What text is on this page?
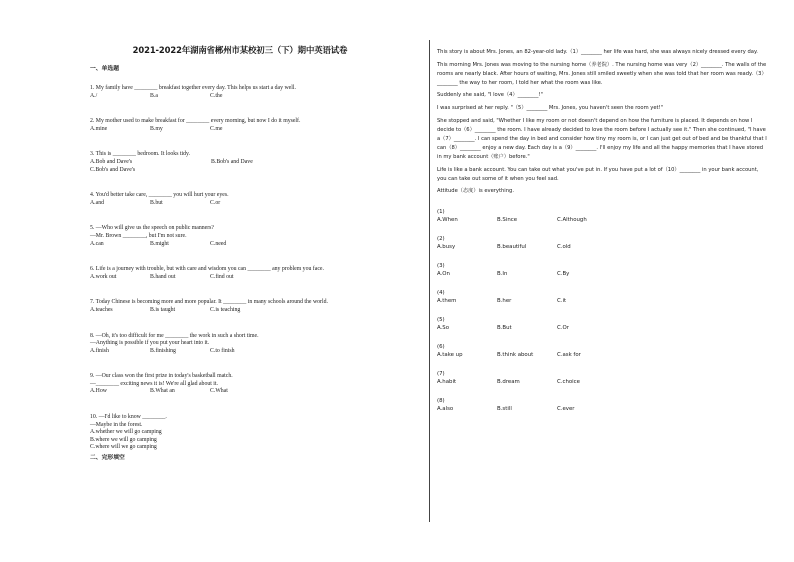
2021-2022年湖南省郴州市某校初三（下）期中英语试卷
一、单选题
1. My family have ________ breakfast together every day. This helps us start a day well.
A./	B.a	C.the
2. My mother used to make breakfast for ________ every morning, but now I do it myself.
A.mine	B.my	C.me
3. This is ________ bedroom. It looks tidy.
A.Bob and Dave's	B.Bob's and Dave
C.Bob's and Dave's
4. You'd better take care, ________ you will hurt your eyes.
A.and	B.but	C.or
5. —Who will give us the speech on public manners?
—Mr. Brown ________, but I'm not sure.
A.can	B.might	C.need
6. Life is a journey with trouble, but with care and wisdom you can ________ any problem you face.
A.work out	B.hand out	C.find out
7. Today Chinese is becoming more and more popular. It ________ in many schools around the world.
A.teaches	B.is taught	C.is teaching
8. —Oh, it's too difficult for me ________ the work in such a short time.
—Anything is possible if you put your heart into it.
A.finish	B.finishing	C.to finish
9. —Our class won the first prize in today's basketball match.
—________ exciting news it is! We're all glad about it.
A.How	B.What an	C.What
10. —I'd like to know ________.
—Maybe in the forest.
A.whether we will go camping
B.where we will go camping
C.where will we go camping
二、完形填空
This story is about Mrs. Jones, an 82-year-old lady.（1）________ her life was hard, she was always nicely dressed every day.
This morning Mrs. Jones was moving to the nursing home（养老院）. The nursing home was very（2）________. The walls of the rooms are nearly black. After hours of waiting, Mrs. Jones still smiled sweetly when she was told that her room was ready.（3）________ the way to her room, I told her what the room was like.
Suddenly she said, "I love（4）________!"
I was surprised at her reply. "（5）________ Mrs. Jones, you haven't seen the room yet!"
She stopped and said, "Whether I like my room or not doesn't depend on how the furniture is placed. It depends on how I decide to（6）________ the room. I have already decided to love the room before I actually see it." Then she continued, "I have a（7）________. I can spend the day in bed and consider how tiny my room is, or I can just get out of bed and be thankful that I can（8）________ enjoy a new day. Each day is a（9）________. I'll enjoy my life and all the happy memories that I have stored in my bank account（账户）before."
Life is like a bank account. You can take out what you've put in. If you have put a lot of（10）________ in your bank account, you can take out some of it when you feel sad.
Attitude（态度）is everything.
(1)
A.When	B.Since	C.Although
(2)
A.busy	B.beautiful	C.old
(3)
A.On	B.In	C.By
(4)
A.them	B.her	C.it
(5)
A.So	B.But	C.Or
(6)
A.take up	B.think about	C.ask for
(7)
A.habit	B.dream	C.choice
(8)
A.also	B.still	C.ever
